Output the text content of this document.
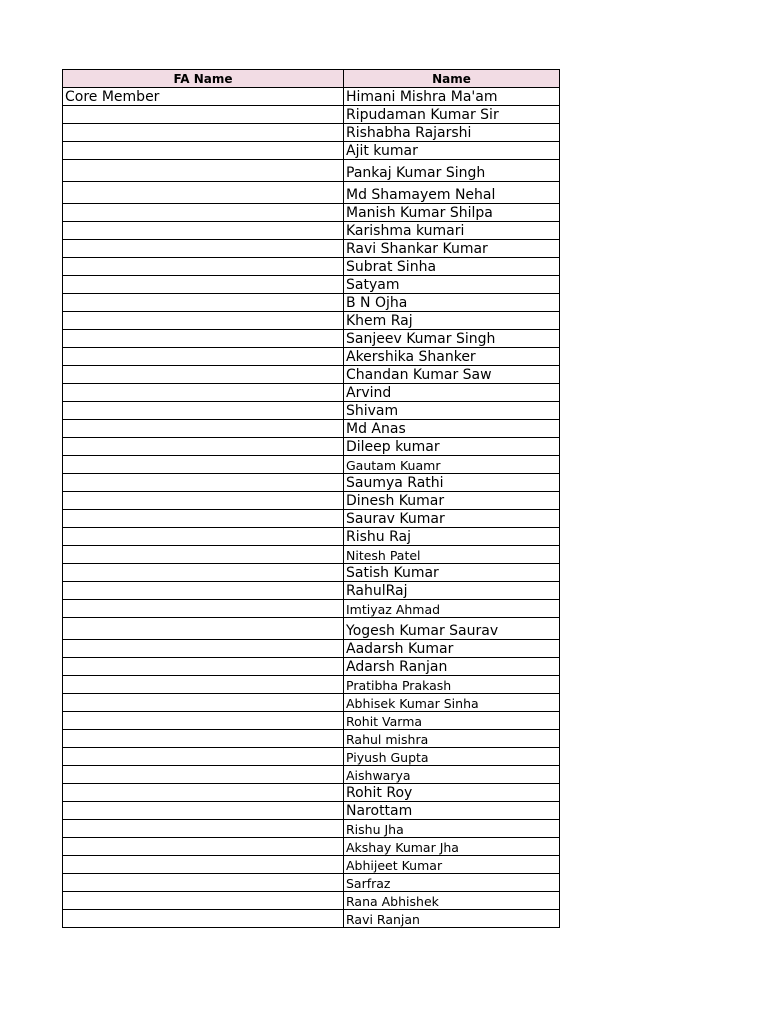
FA Name	Name
Core Member	Himani Mishra Ma'am
	Ripudaman Kumar Sir
	Rishabha Rajarshi
	Ajit kumar
	Pankaj Kumar Singh
	Md Shamayem Nehal
	Manish Kumar Shilpa
	Karishma kumari
	Ravi Shankar Kumar
	Subrat Sinha
	Satyam
	B N Ojha
	Khem Raj
	Sanjeev Kumar Singh
	Akershika Shanker
	Chandan Kumar Saw
	Arvind
	Shivam
	Md Anas
	Dileep kumar
	Gautam Kuamr
	Saumya Rathi
	Dinesh Kumar
	Saurav Kumar
	Rishu Raj
	Nitesh Patel
	Satish Kumar
	RahulRaj
	Imtiyaz Ahmad
	Yogesh Kumar Saurav
	Aadarsh Kumar
	Adarsh Ranjan
	Pratibha Prakash
	Abhisek Kumar Sinha
	Rohit Varma
	Rahul mishra
	Piyush Gupta
	Aishwarya
	Rohit Roy
	Narottam
	Rishu Jha
	Akshay Kumar Jha
	Abhijeet Kumar
	Sarfraz
	Rana Abhishek
	Ravi Ranjan
